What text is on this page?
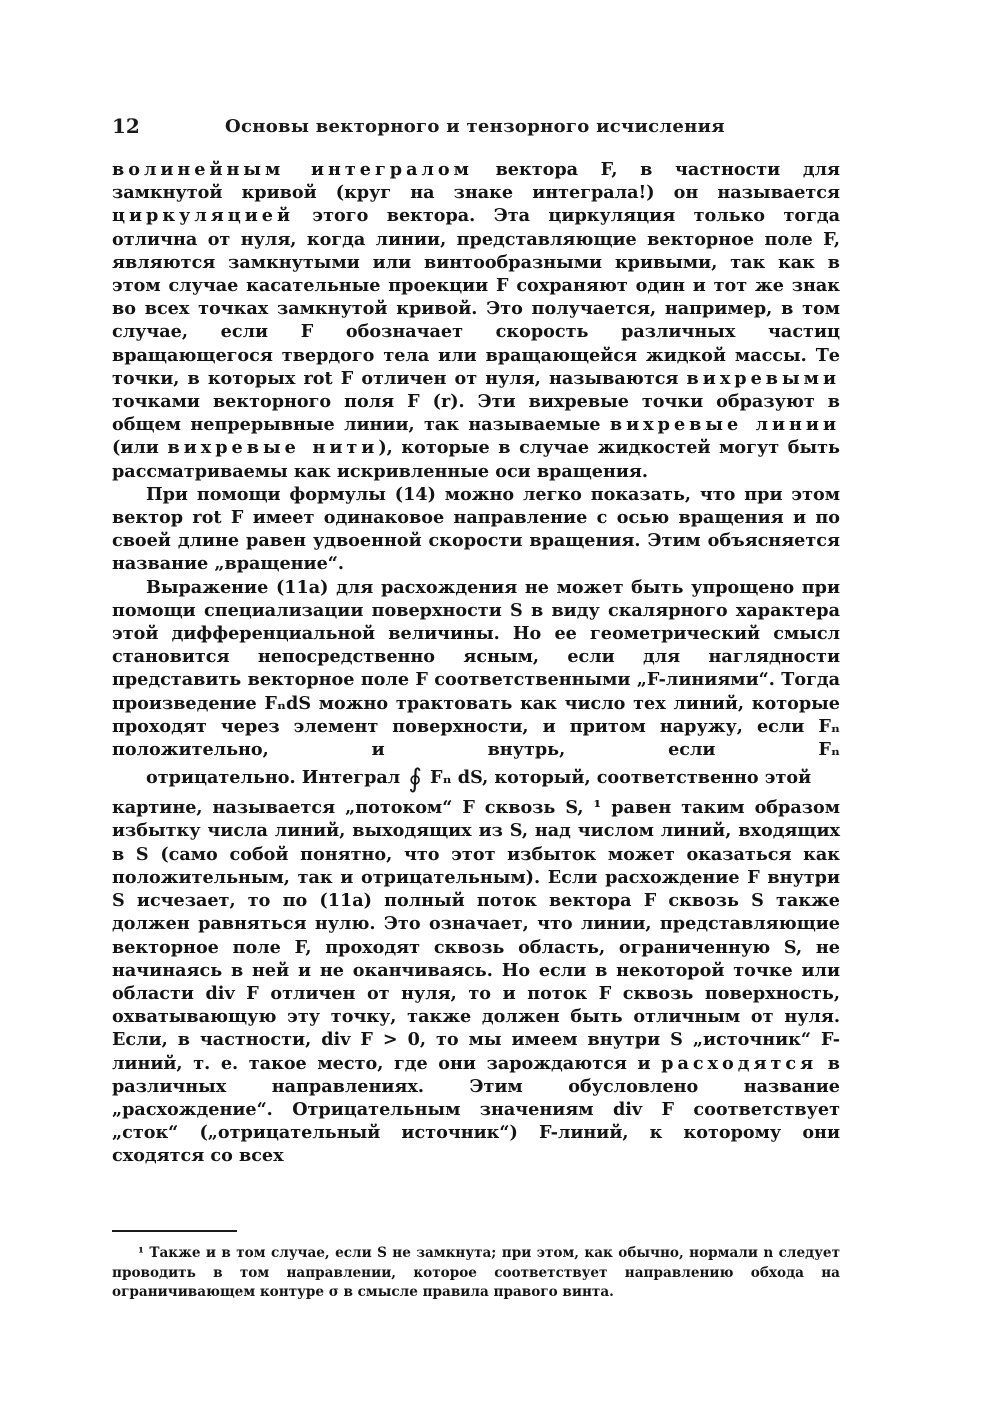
12	Основы векторного и тензорного исчисления

волинейным интегралом вектора F, в частности для замкнутой кривой (круг на знаке интеграла!) он называется циркуляцией этого вектора. Эта циркуляция только тогда отлична от нуля, когда линии, представляющие векторное поле F, являются замкнутыми или винтообразными кривыми, так как в этом случае касательные проекции F сохраняют один и тот же знак во всех точках замкнутой кривой. Это получается, например, в том случае, если F обозначает скорость различных частиц вращающегося твердого тела или вращающейся жидкой массы. Те точки, в которых rot F отличен от нуля, называются вихревыми точками векторного поля F (r). Эти вихревые точки образуют в общем непрерывные линии, так называемые вихревые линии (или вихревые нити), которые в случае жидкостей могут быть рассматриваемы как искривленные оси вращения.

При помощи формулы (14) можно легко показать, что при этом вектор rot F имеет одинаковое направление с осью вращения и по своей длине равен удвоенной скорости вращения. Этим объясняется название „вращение“.

Выражение (11a) для расхождения не может быть упрощено при помощи специализации поверхности S в виду скалярного характера этой дифференциальной величины. Но ее геометрический смысл становится непосредственно ясным, если для наглядности представить векторное поле F соответственными „F-линиями“. Тогда произведение FₙdS можно трактовать как число тех линий, которые проходят через элемент поверхности, и притом наружу, если Fₙ положительно, и внутрь, если Fₙ отрицательно. Интеграл ∮ Fₙ dS, который, соответственно этой картине, называется „потоком“ F сквозь S, ¹ равен таким образом избытку числа линий, выходящих из S, над числом линий, входящих в S (само собой понятно, что этот избыток может оказаться как положительным, так и отрицательным). Если расхождение F внутри S исчезает, то по (11a) полный поток вектора F сквозь S также должен равняться нулю. Это означает, что линии, представляющие векторное поле F, проходят сквозь область, ограниченную S, не начинаясь в ней и не оканчиваясь. Но если в некоторой точке или области div F отличен от нуля, то и поток F сквозь поверхность, охватывающую эту точку, также должен быть отличным от нуля. Если, в частности, div F > 0, то мы имеем внутри S „источник“ F-линий, т. е. такое место, где они зарождаются и расходятся в различных направлениях. Этим обусловлено название „расхождение“. Отрицательным значениям div F соответствует „сток“ („отрицательный источник“) F-линий, к которому они сходятся со всех

¹ Также и в том случае, если S не замкнута; при этом, как обычно, нормали n следует проводить в том направлении, которое соответствует направлению обхода на ограничивающем контуре σ в смысле правила правого винта.
